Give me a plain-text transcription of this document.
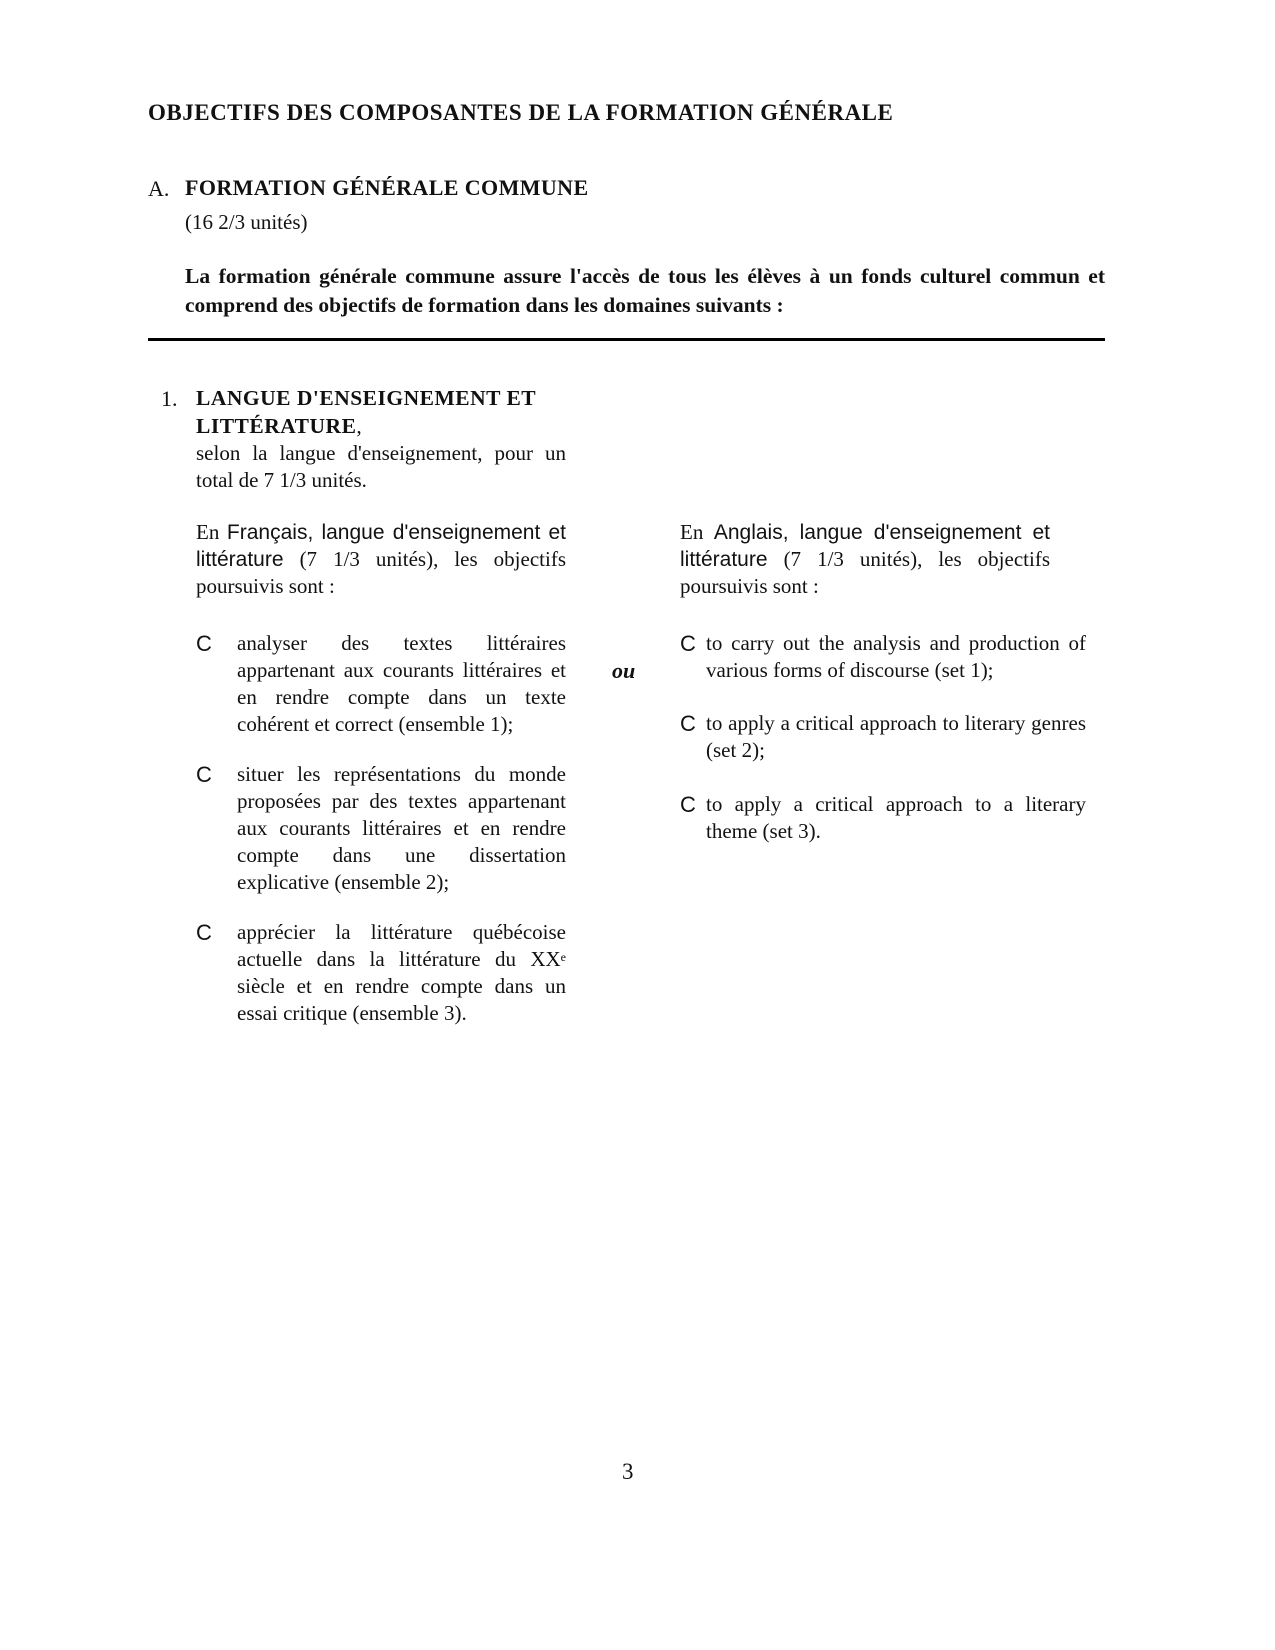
OBJECTIFS DES COMPOSANTES DE LA FORMATION GÉNÉRALE
A. FORMATION GÉNÉRALE COMMUNE
(16 2/3 unités)
La formation générale commune assure l'accès de tous les élèves à un fonds culturel commun et comprend des objectifs de formation dans les domaines suivants :
1. LANGUE D'ENSEIGNEMENT ET LITTÉRATURE,
selon la langue d'enseignement, pour un total de 7 1/3 unités.
En Français, langue d'enseignement et littérature (7 1/3 unités), les objectifs poursuivis sont :
C analyser des textes littéraires appartenant aux courants littéraires et en rendre compte dans un texte cohérent et correct (ensemble 1);
C situer les représentations du monde proposées par des textes appartenant aux courants littéraires et en rendre compte dans une dissertation explicative (ensemble 2);
C apprécier la littérature québécoise actuelle dans la littérature du XXe siècle et en rendre compte dans un essai critique (ensemble 3).
ou
En Anglais, langue d'enseignement et littérature (7 1/3 unités), les objectifs poursuivis sont :
C to carry out the analysis and production of various forms of discourse (set 1);
C to apply a critical approach to literary genres (set 2);
C to apply a critical approach to a literary theme (set 3).
3
